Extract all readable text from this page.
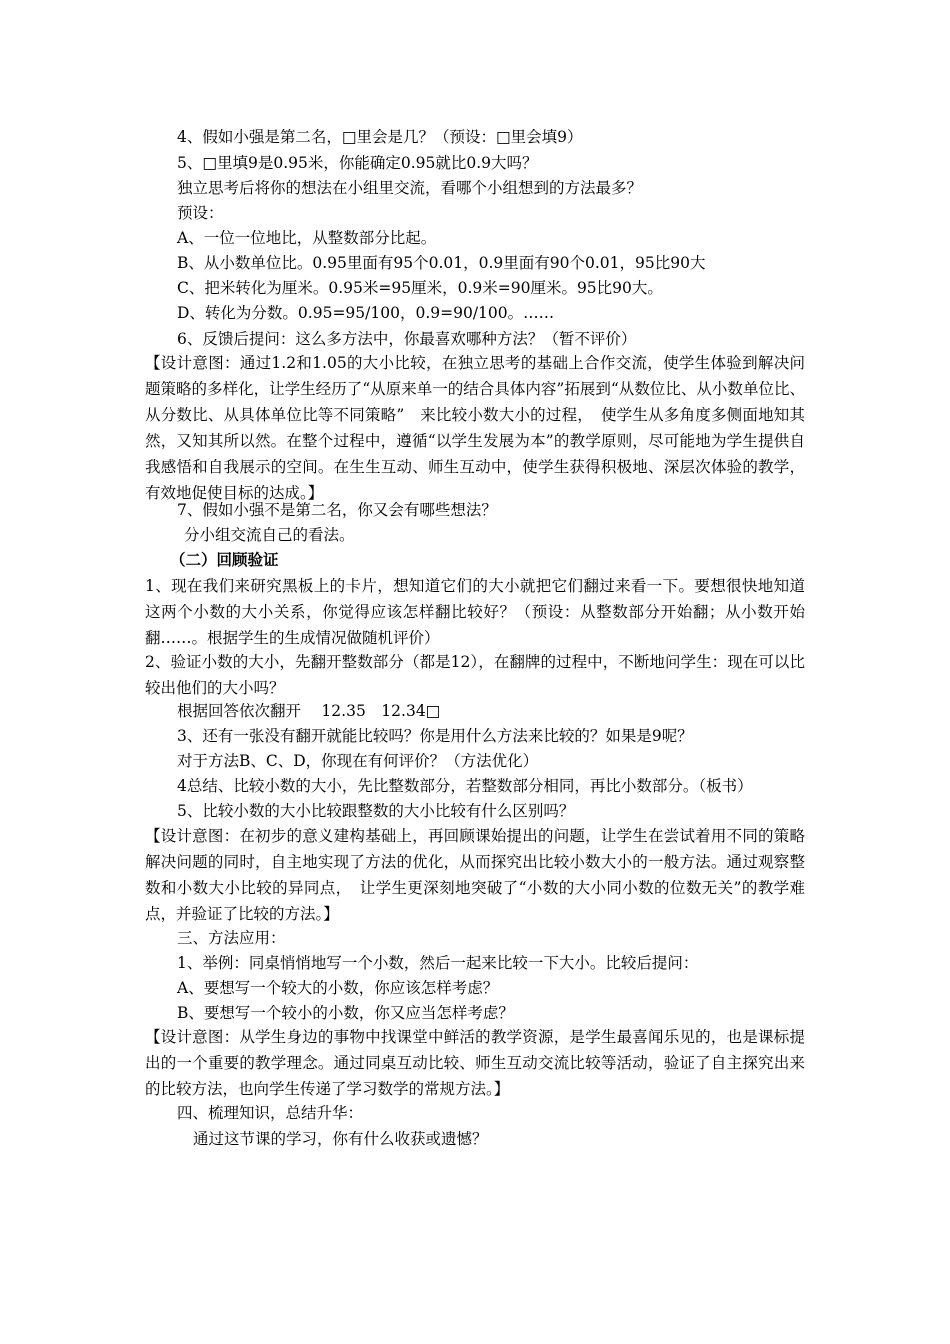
4、假如小强是第二名，□里会是几？（预设：□里会填9）
5、□里填9是0.95米，你能确定0.95就比0.9大吗？
独立思考后将你的想法在小组里交流，看哪个小组想到的方法最多？
预设：
A、一位一位地比，从整数部分比起。
B、从小数单位比。0.95里面有95个0.01，0.9里面有90个0.01，95比90大
C、把米转化为厘米。0.95米=95厘米，0.9米=90厘米。95比90大。
D、转化为分数。0.95=95/100，0.9=90/100。……
6、反馈后提问：这么多方法中，你最喜欢哪种方法？（暂不评价）
【设计意图：通过1.2和1.05的大小比较，在独立思考的基础上合作交流，使学生体验到解决问题策略的多样化，让学生经历了“从原来单一的结合具体内容”拓展到“从数位比、从小数单位比、从分数比、从具体单位比等不同策略”　来比较小数大小的过程，　使学生从多角度多侧面地知其然，又知其所以然。在整个过程中，遵循“以学生发展为本”的教学原则，尽可能地为学生提供自我感悟和自我展示的空间。在生生互动、师生互动中，使学生获得积极地、深层次体验的教学，有效地促使目标的达成。】
7、假如小强不是第二名，你又会有哪些想法？
分小组交流自己的看法。
（二）回顾验证
1、现在我们来研究黑板上的卡片，想知道它们的大小就把它们翻过来看一下。要想很快地知道这两个小数的大小关系，你觉得应该怎样翻比较好？（预设：从整数部分开始翻；从小数开始翻……。根据学生的生成情况做随机评价）
2、验证小数的大小，先翻开整数部分（都是12），在翻牌的过程中，不断地问学生：现在可以比较出他们的大小吗？
根据回答依次翻开　 12.35　12.34□
3、还有一张没有翻开就能比较吗？你是用什么方法来比较的？如果是9呢？
对于方法B、C、D，你现在有何评价？（方法优化）
4总结、比较小数的大小，先比整数部分，若整数部分相同，再比小数部分。（板书）
5、比较小数的大小比较跟整数的大小比较有什么区别吗？
【设计意图：在初步的意义建构基础上，再回顾课始提出的问题，让学生在尝试着用不同的策略解决问题的同时，自主地实现了方法的优化，从而探究出比较小数大小的一般方法。通过观察整数和小数大小比较的异同点，　让学生更深刻地突破了“小数的大小同小数的位数无关”的教学难点，并验证了比较的方法。】
三、方法应用：
1、举例：同桌悄悄地写一个小数，然后一起来比较一下大小。比较后提问：
A、要想写一个较大的小数，你应该怎样考虑？
B、要想写一个较小的小数，你又应当怎样考虑？
【设计意图：从学生身边的事物中找课堂中鲜活的教学资源，是学生最喜闻乐见的，也是课标提出的一个重要的教学理念。通过同桌互动比较、师生互动交流比较等活动，验证了自主探究出来的比较方法，也向学生传递了学习数学的常规方法。】
四、梳理知识，总结升华：
通过这节课的学习，你有什么收获或遗憾？
